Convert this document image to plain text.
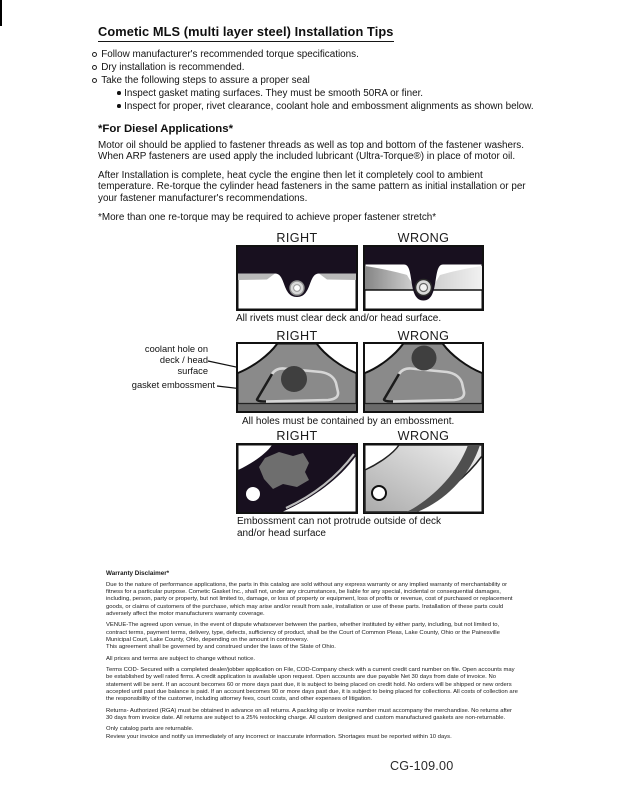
Cometic MLS (multi layer steel) Installation Tips
Follow manufacturer's recommended torque specifications.
Dry installation is recommended.
Take the following steps to assure a proper seal
Inspect gasket mating surfaces. They must be smooth 50RA or finer.
Inspect for proper, rivet clearance, coolant hole and embossment alignments as shown below.
*For Diesel Applications*

Motor oil should be applied to fastener threads as well as top and bottom of the fastener washers. When ARP fasteners are used apply the included lubricant (Ultra-Torque®) in place of motor oil.

After Installation is complete, heat cycle the engine then let it completely cool to ambient temperature. Re-torque the cylinder head fasteners in the same pattern as initial installation or per your fastener manufacturer's recommendations.

*More than one re-torque may be required to achieve proper fastener stretch*

RIGHT	WRONG
All rivets must clear deck and/or head surface.
coolant hole on
deck / head surface
gasket embossment
RIGHT	WRONG
All holes must be contained by an embossment.
RIGHT	WRONG
Embossment can not protrude outside of deck
and/or head surface
Warranty Disclaimer*

Due to the nature of performance applications, the parts in this catalog are sold without any express warranty or any implied warranty of merchantability or fitness for a particular purpose. Cometic Gasket Inc., shall not, under any circumstances, be liable for any special, incidental or consequential damages, including, person, party or property, but not limited to, damage, or loss of property or equipment, loss of profits or revenue, cost of purchased or replacement goods, or claims of customers of the purchase, which may arise and/or result from sale, installation or use of these parts. Installation of these parts could adversely affect the motor manufacturers warranty coverage.

VENUE-The agreed upon venue, in the event of dispute whatsoever between the parties, whether instituted by either party, including, but not limited to, contract terms, payment terms, delivery, type, defects, sufficiency of product, shall be the Court of Common Pleas, Lake County, Ohio or the Painesville Municipal Court, Lake County, Ohio, depending on the amount in controversy.

This agreement shall be governed by and construed under the laws of the State of Ohio.

All prices and terms are subject to change without notice.

Terms COD- Secured with a completed dealer/jobber application on File, COD-Company check with a current credit card number on file. Open accounts may be established by well rated firms. A credit application is available upon request. Open accounts are due payable Net 30 days from date of invoice. No statement will be sent. If an account becomes 60 or more days past due, it is subject to being placed on credit hold. No orders will be shipped or new orders accepted until past due balance is paid. If an account becomes 90 or more days past due, it is subject to being placed for collections. All costs of collection are the responsibility of the customer, including attorney fees, court costs, and other expenses of litigation.

Returns- Authorized (RGA) must be obtained in advance on all returns. A packing slip or invoice number must accompany the merchandise. No returns after 30 days from invoice date. All returns are subject to a 25% restocking charge. All custom designed and custom manufactured gaskets are non-returnable.

Only catalog parts are returnable.

Review your invoice and notify us immediately of any incorrect or inaccurate information. Shortages must be reported within 10 days.

CG-109.00
